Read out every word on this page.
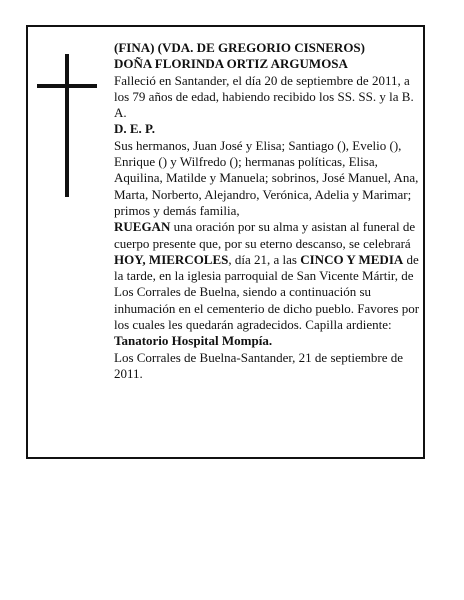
(FINA) (VDA. DE GREGORIO CISNEROS)

DOÑA FLORINDA ORTIZ ARGUMOSA

Falleció en Santander, el día 20 de septiembre de 2011, a los 79 años de edad, habiendo recibido los SS. SS. y la B. A.

D. E. P.

Sus hermanos, Juan José y Elisa; Santiago (), Evelio (), Enrique () y Wilfredo (); hermanas políticas, Elisa, Aquilina, Matilde y Manuela; sobrinos, José Manuel, Ana, Marta, Norberto, Alejandro, Verónica, Adelia y Marimar; primos y demás familia,

RUEGAN una oración por su alma y asistan al funeral de cuerpo presente que, por su eterno descanso, se celebrará HOY, MIERCOLES, día 21, a las CINCO Y MEDIA de la tarde, en la iglesia parroquial de San Vicente Mártir, de Los Corrales de Buelna, siendo a continuación su inhumación en el cementerio de dicho pueblo. Favores por los cuales les quedarán agradecidos. Capilla ardiente: Tanatorio Hospital Mompía.

Los Corrales de Buelna-Santander, 21 de septiembre de 2011.
